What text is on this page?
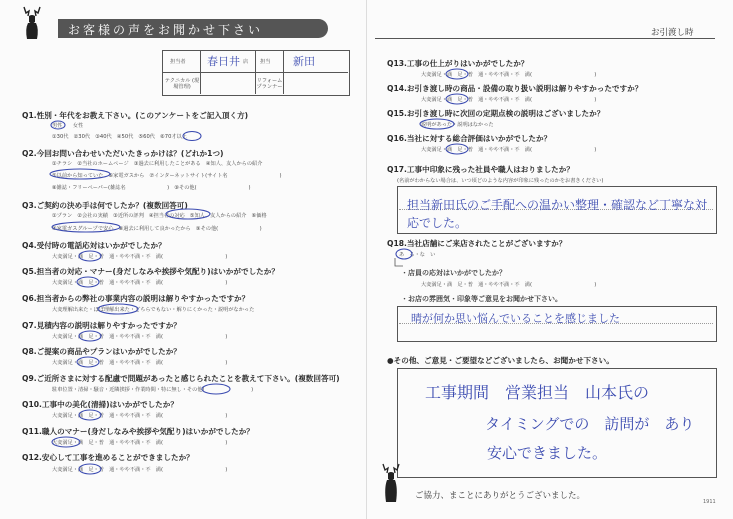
お客様の声をお聞かせ下さい
担当者	店 担当
テクニカル (現場管理)
リフォーム プランナー
春日井	新田
Q1.性別・年代をお教え下さい。(このアンケートをご記入頂く方)
男性　　女性
①30代　②30代　③40代　④50代　⑤60代　⑥70才以上
Q2.今回お問い合わせいただいたきっかけは？(どれか1つ)
①チラシ　②当社のホームページ　③過去に利用したことがある　④知人、友人からの紹介
⑤以前から知っていた　⑥家電ガスから　⑦インターネットサイト(サイト名　　　　　　　　　　)
⑧雑誌・フリーペーパー(雑誌名　　　　　　　　)　⑨その他(　　　　　　　　　　)
Q3.ご契約の決め手は何でしたか？(複数回答可)
①プラン　②会社の実績　③近所の評判　④担当者の対応　⑤知人、友人からの紹介　⑥価格
⑦家電ガスグループで安心　⑧過去に利用して良かったから　⑨その他(　　　　　　　　)
Q4.受付時の電話応対はいかがでしたか？
大変満足・満　足・普　通・やや不満・不　満(　　　　　　　　　　　　)
Q5.担当者の対応・マナー(身だしなみや挨拶や気配り)はいかがでしたか？
大変満足・満　足・普　通・やや不満・不　満(　　　　　　　　　　　　)
Q6.担当者からの弊社の事業内容の説明は解りやすかったですか？
大変理解出来た・ほぼ理解出来た・どちらでもない・解りにくかった・説明がなかった
Q7.見積内容の説明は解りやすかったですか？
大変満足・満　足・普　通・やや不満・不　満(　　　　　　　　　　　　)
Q8.ご提案の商品やプランはいかがでしたか？
大変満足・満　足・普　通・やや不満・不　満(　　　　　　　　　　　　)
Q9.ご近所さまに対する配慮で問題があったと感じられたことを教えて下さい。(複数回答可)
駐車位置・清掃・騒音・近隣挨拶・作業時間・特に無し・その他(　　　　　　　　　)
Q10.工事中の美化(清掃)はいかがでしたか？
大変満足・満　足・普　通・やや不満・不　満(　　　　　　　　　　　　)
Q11.職人のマナー(身だしなみや挨拶や気配り)はいかがでしたか？
大変満足・満　足・普　通・やや不満・不　満(　　　　　　　　　　　　)
Q12.安心して工事を進めることができましたか？
大変満足・満　足・普　通・やや不満・不　満(　　　　　　　　　　　　)
お引渡し時
Q13.工事の仕上がりはいかがでしたか？
大変満足・満　足・普　通・やや不満・不　満(　　　　　　　　　　　　)
Q14.お引き渡し時の商品・設備の取り扱い説明は解りやすかったですか？
大変満足・満　足・普　通・やや不満・不　満(　　　　　　　　　　　　)
Q15.お引き渡し時に次回の定期点検の説明はございましたか？
説明があった・説明はなかった
Q16.当社に対する総合評価はいかがでしたか？
大変満足・満　足・普　通・やや不満・不　満(　　　　　　　　　　　　)
Q17.工事中印象に残った社員や職人はおりましたか？
(名前がわからない場合は、いつ頃どのような内容が印象に残ったのかをお書きください)
担当新田氏のご手配への温かい整理・確認など丁寧な対応でした。
Q18.当社店舗にご来店されたことがございますか？
あ　る・な　い
・店員の応対はいかがでしたか？
大変満足・満　足・普　通・やや不満・不　満(　　　　　　　　　　　　)
・お店の雰囲気・印象等ご意見をお聞かせ下さい。
晴が何か思い悩んでいることを感じました
●その他、ご意見・ご要望などございましたら、お聞かせ下さい。
工事期間　営業担当　山本氏の
タイミングでの　訪問が　あり
安心できました。
ご協力、まことにありがとうございました。
1911
